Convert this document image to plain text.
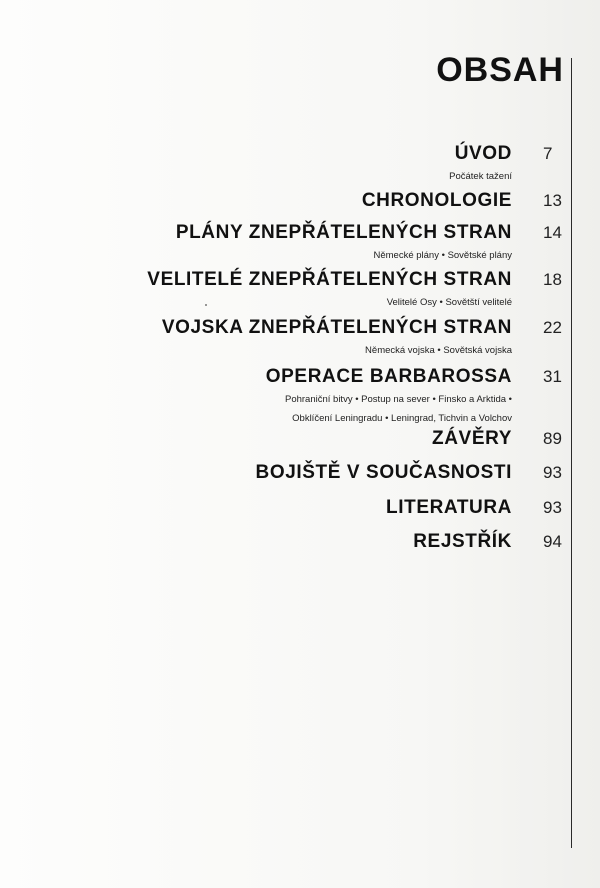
OBSAH
ÚVOD
Počátek tažení
7
CHRONOLOGIE 13
PLÁNY ZNEPŘÁTELENÝCH STRAN
Německé plány • Sovětské plány
14
VELITELÉ ZNEPŘÁTELENÝCH STRAN
Velitelé Osy • Sovětští velitelé
18
VOJSKA ZNEPŘÁTELENÝCH STRAN
Německá vojska • Sovětská vojska
22
OPERACE BARBAROSSA
Pohraniční bitvy • Postup na sever • Finsko a Arktida •
Obklíčení Leningradu • Leningrad, Tichvin a Volchov
31
ZÁVĚRY 89
BOJIŠTĚ V SOUČASNOSTI 93
LITERATURA 93
REJSTŘÍK 94
